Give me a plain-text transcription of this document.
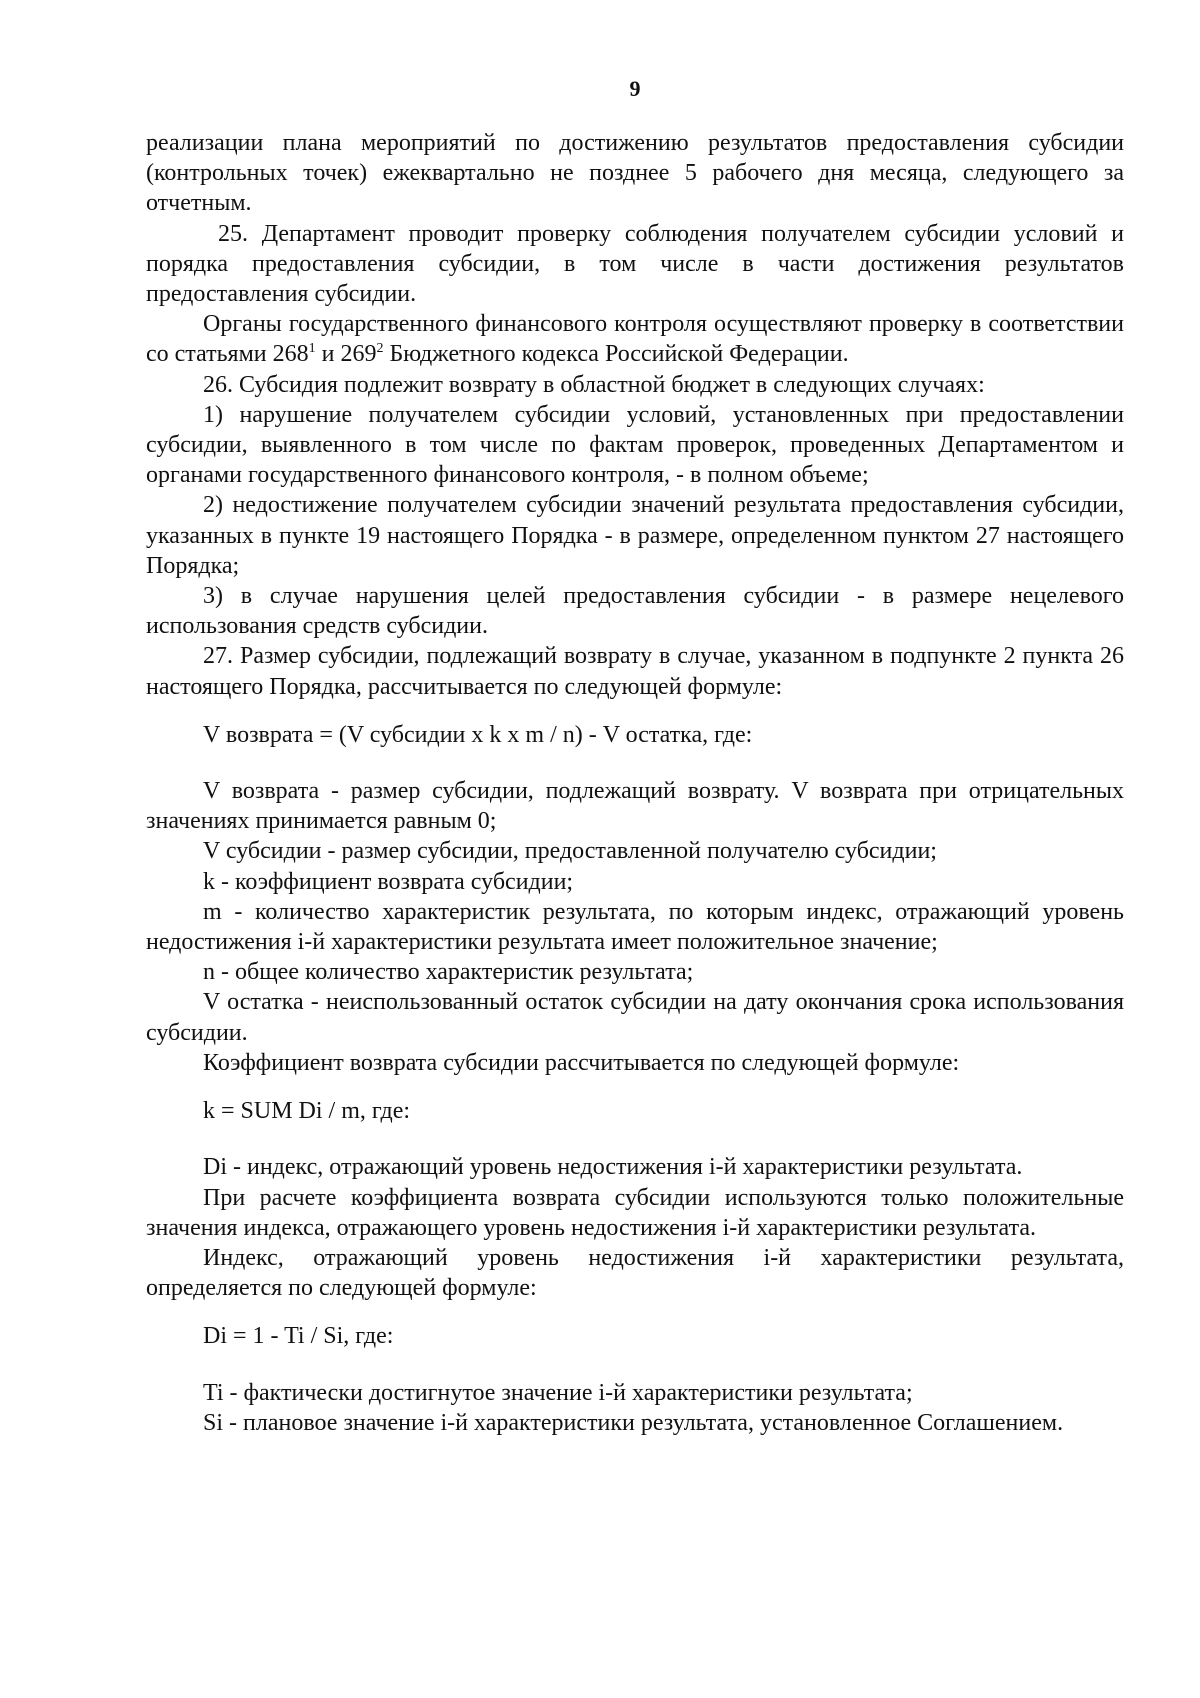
9

реализации плана мероприятий по достижению результатов предоставления субсидии (контрольных точек) ежеквартально не позднее 5 рабочего дня месяца, следующего за отчетным.

25. Департамент проводит проверку соблюдения получателем субсидии условий и порядка предоставления субсидии, в том числе в части достижения результатов предоставления субсидии.

Органы государственного финансового контроля осуществляют проверку в соответствии со статьями $268^1$ и $269^2$ Бюджетного кодекса Российской Федерации.

26. Субсидия подлежит возврату в областной бюджет в следующих случаях:

1) нарушение получателем субсидии условий, установленных при предоставлении субсидии, выявленного в том числе по фактам проверок, проведенных Департаментом и органами государственного финансового контроля, - в полном объеме;

2) недостижение получателем субсидии значений результата предоставления субсидии, указанных в пункте 19 настоящего Порядка - в размере, определенном пунктом 27 настоящего Порядка;

3) в случае нарушения целей предоставления субсидии - в размере нецелевого использования средств субсидии.

27. Размер субсидии, подлежащий возврату в случае, указанном в подпункте 2 пункта 26 настоящего Порядка, рассчитывается по следующей формуле:

V возврата = (V субсидии x k x m / n) - V остатка, где:

V возврата - размер субсидии, подлежащий возврату. V возврата при отрицательных значениях принимается равным 0;

V субсидии - размер субсидии, предоставленной получателю субсидии;

k - коэффициент возврата субсидии;

m - количество характеристик результата, по которым индекс, отражающий уровень недостижения i-й характеристики результата имеет положительное значение;

n - общее количество характеристик результата;

V остатка - неиспользованный остаток субсидии на дату окончания срока использования субсидии.

Коэффициент возврата субсидии рассчитывается по следующей формуле:

k = SUM Di / m, где:

Di - индекс, отражающий уровень недостижения i-й характеристики результата.

При расчете коэффициента возврата субсидии используются только положительные значения индекса, отражающего уровень недостижения i-й характеристики результата.

Индекс, отражающий уровень недостижения i-й характеристики результата, определяется по следующей формуле:

Di = 1 - Ti / Si, где:

Ti - фактически достигнутое значение i-й характеристики результата;

Si - плановое значение i-й характеристики результата, установленное Соглашением.
